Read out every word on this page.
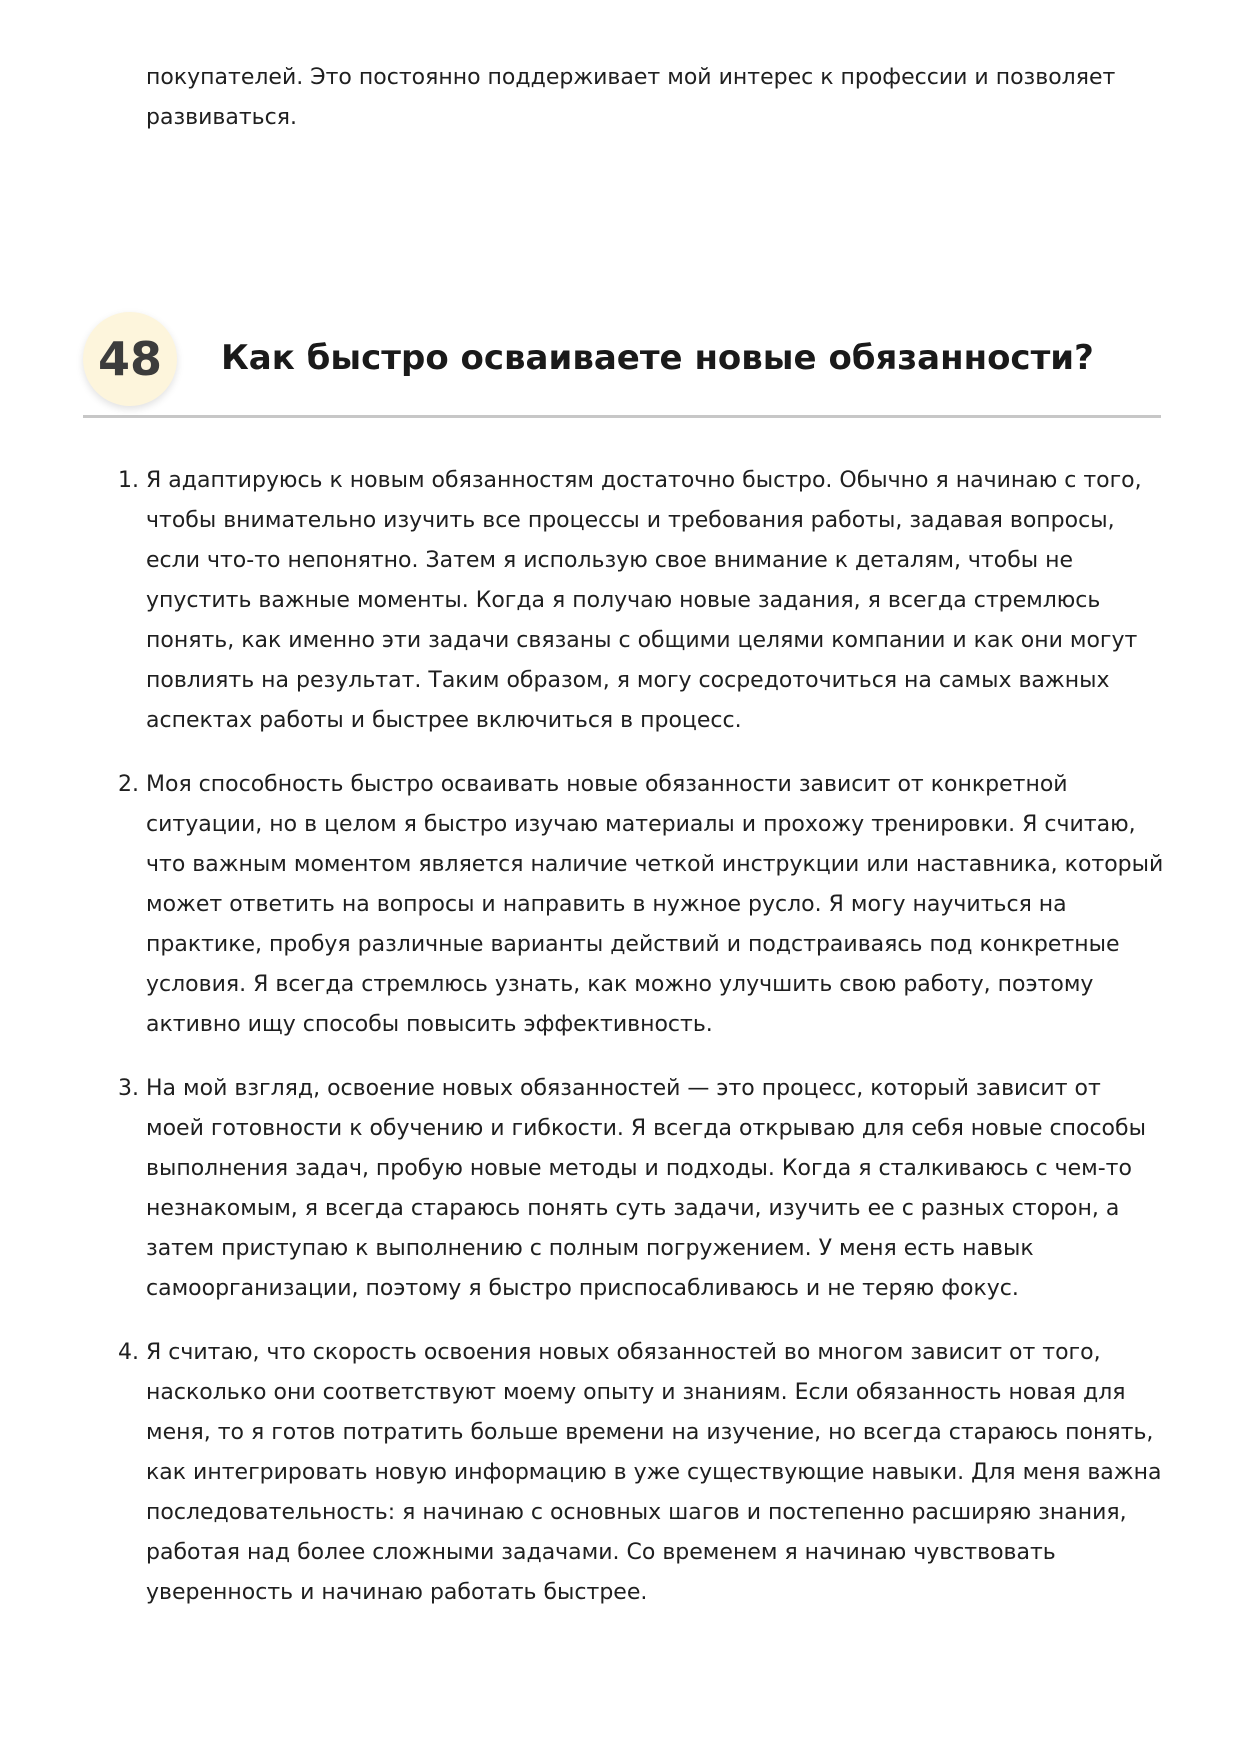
покупателей. Это постоянно поддерживает мой интерес к профессии и позволяет развиваться.

48	Как быстро осваиваете новые обязанности?
1. Я адаптируюсь к новым обязанностям достаточно быстро. Обычно я начинаю с того, чтобы внимательно изучить все процессы и требования работы, задавая вопросы, если что-то непонятно. Затем я использую свое внимание к деталям, чтобы не упустить важные моменты. Когда я получаю новые задания, я всегда стремлюсь понять, как именно эти задачи связаны с общими целями компании и как они могут повлиять на результат. Таким образом, я могу сосредоточиться на самых важных аспектах работы и быстрее включиться в процесс.
2. Моя способность быстро осваивать новые обязанности зависит от конкретной ситуации, но в целом я быстро изучаю материалы и прохожу тренировки. Я считаю, что важным моментом является наличие четкой инструкции или наставника, который может ответить на вопросы и направить в нужное русло. Я могу научиться на практике, пробуя различные варианты действий и подстраиваясь под конкретные условия. Я всегда стремлюсь узнать, как можно улучшить свою работу, поэтому активно ищу способы повысить эффективность.
3. На мой взгляд, освоение новых обязанностей — это процесс, который зависит от моей готовности к обучению и гибкости. Я всегда открываю для себя новые способы выполнения задач, пробую новые методы и подходы. Когда я сталкиваюсь с чем-то незнакомым, я всегда стараюсь понять суть задачи, изучить ее с разных сторон, а затем приступаю к выполнению с полным погружением. У меня есть навык самоорганизации, поэтому я быстро приспосабливаюсь и не теряю фокус.
4. Я считаю, что скорость освоения новых обязанностей во многом зависит от того, насколько они соответствуют моему опыту и знаниям. Если обязанность новая для меня, то я готов потратить больше времени на изучение, но всегда стараюсь понять, как интегрировать новую информацию в уже существующие навыки. Для меня важна последовательность: я начинаю с основных шагов и постепенно расширяю знания, работая над более сложными задачами. Со временем я начинаю чувствовать уверенность и начинаю работать быстрее.
